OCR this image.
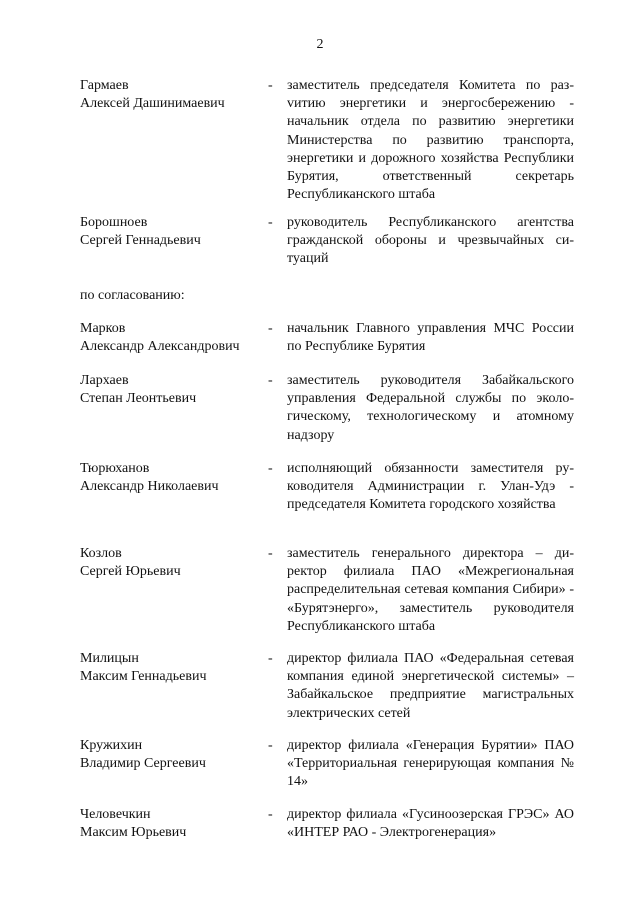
2
Гармаев
Алексей Дашинимаевич
-	заместитель председателя Комитета по разvитию энергетики и энергосбережению - начальник отдела по развитию энергетики Министерства по развитию транспорта, энергетики и дорожного хозяйства Республики Бурятия, ответственный секретарь Республиканского штаба
Борошноев
Сергей Геннадьевич
-	руководитель Республиканского агентства гражданской обороны и чрезвычайных ситуаций
по согласованию:
Марков
Александр Александрович
-	начальник Главного управления МЧС России по Республике Бурятия
Лархаев
Степан Леонтьевич
-	заместитель руководителя Забайкальского управления Федеральной службы по экологическому, технологическому и атомному надзору
Тюрюханов
Александр Николаевич
-	исполняющий обязанности заместителя руководителя Администрации г. Улан-Удэ - председателя Комитета городского хозяйства
Козлов
Сергей Юрьевич
-	заместитель генерального директора – директор филиала ПАО «Межрегиональная распределительная сетевая компания Сибири» - «Бурятэнерго», заместитель руководителя Республиканского штаба
Милицын
Максим Геннадьевич
-	директор филиала ПАО «Федеральная сетевая компания единой энергетической системы» – Забайкальское предприятие магистральных электрических сетей
Кружихин
Владимир Сергеевич
-	директор филиала «Генерация Бурятии» ПАО «Территориальная генерирующая компания № 14»
Человечкин
Максим Юрьевич
-	директор филиала «Гусиноозерская ГРЭС» АО «ИНТЕР РАО - Электрогенерация»
